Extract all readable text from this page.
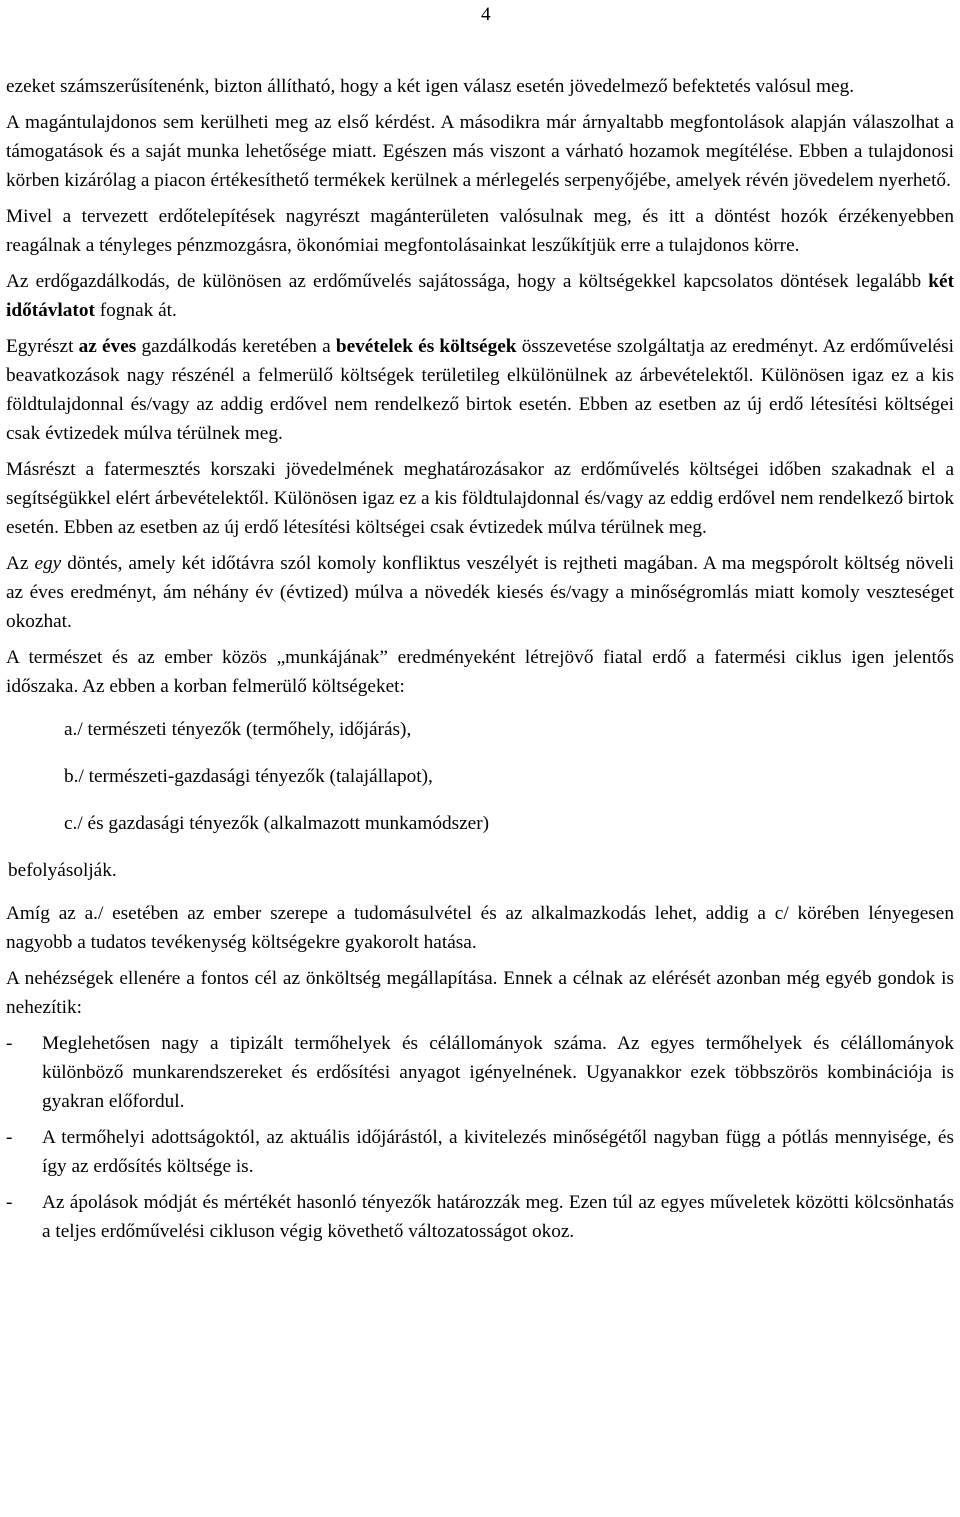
4

ezeket számszerűsítenénk, bizton állítható, hogy a két igen válasz esetén jövedelmező befektetés valósul meg.

A magántulajdonos sem kerülheti meg az első kérdést. A másodikra már árnyaltabb megfontolások alapján válaszolhat a támogatások és a saját munka lehetősége miatt. Egészen más viszont a várható hozamok megítélése. Ebben a tulajdonosi körben kizárólag a piacon értékesíthető termékek kerülnek a mérlegelés serpenyőjébe, amelyek révén jövedelem nyerhető.

Mivel a tervezett erdőtelepítések nagyrészt magánterületen valósulnak meg, és itt a döntést hozók érzékenyebben reagálnak a tényleges pénzmozgásra, ökonómiai megfontolásainkat leszűkítjük erre a tulajdonos körre.

Az erdőgazdálkodás, de különösen az erdőművelés sajátossága, hogy a költségekkel kapcsolatos döntések legalább két időtávlatot fognak át.

Egyrészt az éves gazdálkodás keretében a bevételek és költségek összevetése szolgáltatja az eredményt. Az erdőművelési beavatkozások nagy részénél a felmerülő költségek területileg elkülönülnek az árbevételektől. Különösen igaz ez a kis földtulajdonnal és/vagy az addig erdővel nem rendelkező birtok esetén. Ebben az esetben az új erdő létesítési költségei csak évtizedek múlva térülnek meg.

Másrészt a fatermesztés korszaki jövedelmének meghatározásakor az erdőművelés költségei időben szakadnak el a segítségükkel elért árbevételektől. Különösen igaz ez a kis földtulajdonnal és/vagy az eddig erdővel nem rendelkező birtok esetén. Ebben az esetben az új erdő létesítési költségei csak évtizedek múlva térülnek meg.

Az egy döntés, amely két időtávra szól komoly konfliktus veszélyét is rejtheti magában. A ma megspórolt költség növeli az éves eredményt, ám néhány év (évtized) múlva a növedék kiesés és/vagy a minőségromlás miatt komoly veszteséget okozhat.

A természet és az ember közös „munkájának” eredményeként létrejövő fiatal erdő a fatermési ciklus igen jelentős időszaka. Az ebben a korban felmerülő költségeket:

a./ természeti tényezők (termőhely, időjárás),
b./ természeti-gazdasági tényezők (talajállapot),
c./ és gazdasági tényezők (alkalmazott munkamódszer)
befolyásolják.

Amíg az a./ esetében az ember szerepe a tudomásulvétel és az alkalmazkodás lehet, addig a c/ körében lényegesen nagyobb a tudatos tevékenység költségekre gyakorolt hatása.

A nehézségek ellenére a fontos cél az önköltség megállapítása. Ennek a célnak az elérését azonban még egyéb gondok is nehezítik:

- Meglehetősen nagy a tipizált termőhelyek és célállományok száma. Az egyes termőhelyek és célállományok különböző munkarendszereket és erdősítési anyagot igényelnének. Ugyanakkor ezek többszörös kombinációja is gyakran előfordul.
- A termőhelyi adottságoktól, az aktuális időjárástól, a kivitelezés minőségétől nagyban függ a pótlás mennyisége, és így az erdősítés költsége is.
- Az ápolások módját és mértékét hasonló tényezők határozzák meg. Ezen túl az egyes műveletek közötti kölcsönhatás a teljes erdőművelési cikluson végig követhető változatosságot okoz.
